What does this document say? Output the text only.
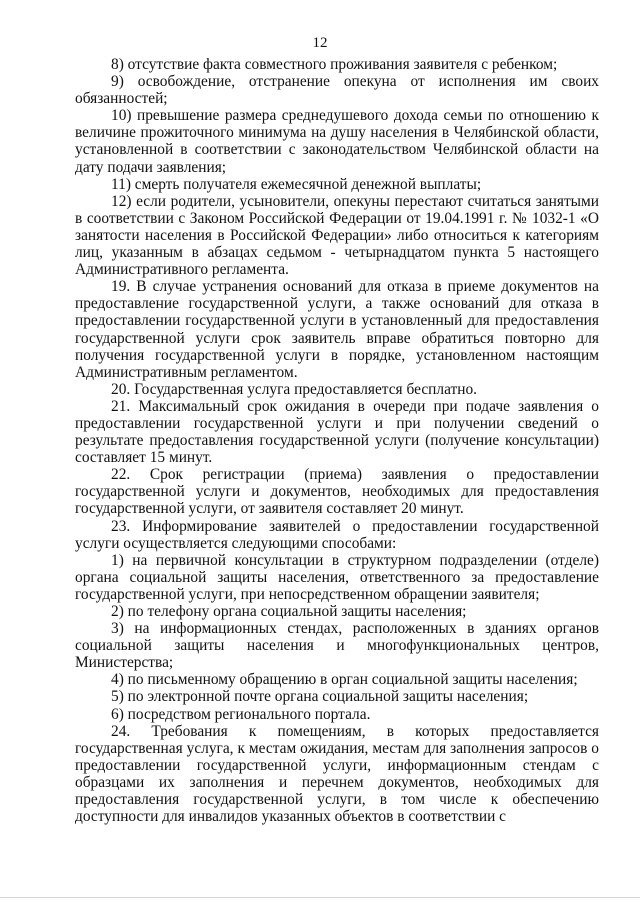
12

8) отсутствие факта совместного проживания заявителя с ребенком;

9) освобождение, отстранение опекуна от исполнения им своих обязанностей;

10) превышение размера среднедушевого дохода семьи по отношению к величине прожиточного минимума на душу населения в Челябинской области, установленной в соответствии с законодательством Челябинской области на дату подачи заявления;

11) смерть получателя ежемесячной денежной выплаты;

12) если родители, усыновители, опекуны перестают считаться занятыми в соответствии с Законом Российской Федерации от 19.04.1991 г. № 1032-1 «О занятости населения в Российской Федерации» либо относиться к категориям лиц, указанным в абзацах седьмом - четырнадцатом пункта 5 настоящего Административного регламента.

19. В случае устранения оснований для отказа в приеме документов на предоставление государственной услуги, а также оснований для отказа в предоставлении государственной услуги в установленный для предоставления государственной услуги срок заявитель вправе обратиться повторно для получения государственной услуги в порядке, установленном настоящим Административным регламентом.

20. Государственная услуга предоставляется бесплатно.

21. Максимальный срок ожидания в очереди при подаче заявления о предоставлении государственной услуги и при получении сведений о результате предоставления государственной услуги (получение консультации) составляет 15 минут.

22. Срок регистрации (приема) заявления о предоставлении государственной услуги и документов, необходимых для предоставления государственной услуги, от заявителя составляет 20 минут.

23. Информирование заявителей о предоставлении государственной услуги осуществляется следующими способами:

1) на первичной консультации в структурном подразделении (отделе) органа социальной защиты населения, ответственного за предоставление государственной услуги, при непосредственном обращении заявителя;

2) по телефону органа социальной защиты населения;

3) на информационных стендах, расположенных в зданиях органов социальной защиты населения и многофункциональных центров, Министерства;

4) по письменному обращению в орган социальной защиты населения;

5) по электронной почте органа социальной защиты населения;

6) посредством регионального портала.

24. Требования к помещениям, в которых предоставляется государственная услуга, к местам ожидания, местам для заполнения запросов о предоставлении государственной услуги, информационным стендам с образцами их заполнения и перечнем документов, необходимых для предоставления государственной услуги, в том числе к обеспечению доступности для инвалидов указанных объектов в соответствии с
